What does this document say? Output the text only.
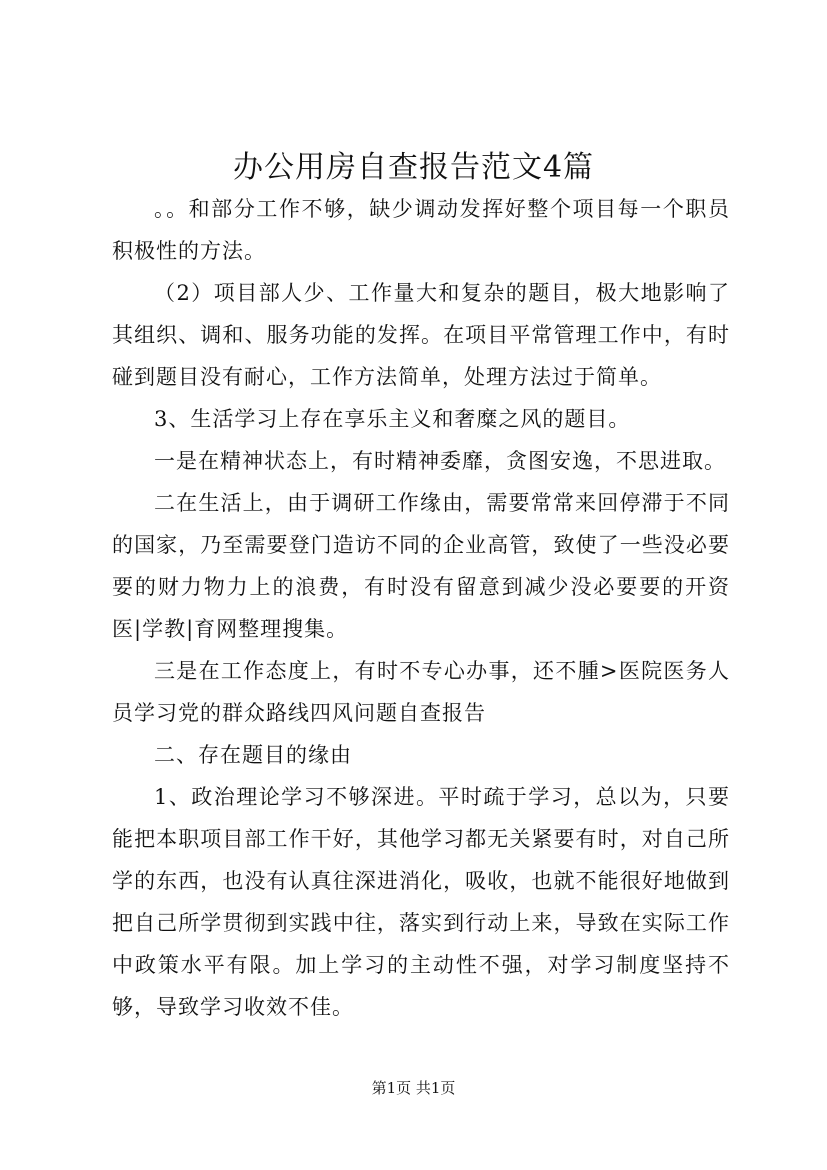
办公用房自查报告范文4篇

。。和部分工作不够，缺少调动发挥好整个项目每一个职员积极性的方法。

（2）项目部人少、工作量大和复杂的题目，极大地影响了其组织、调和、服务功能的发挥。在项目平常管理工作中，有时碰到题目没有耐心，工作方法简单，处理方法过于简单。

3、生活学习上存在享乐主义和奢糜之风的题目。

一是在精神状态上，有时精神委靡，贪图安逸，不思进取。

二在生活上，由于调研工作缘由，需要常常来回停滞于不同的国家，乃至需要登门造访不同的企业高管，致使了一些没必要要的财力物力上的浪费，有时没有留意到减少没必要要的开资医|学教|育网整理搜集。

三是在工作态度上，有时不专心办事，还不腫>医院医务人员学习党的群众路线四风问题自查报告

二、存在题目的缘由

1、政治理论学习不够深进。平时疏于学习，总以为，只要能把本职项目部工作干好，其他学习都无关紧要有时，对自己所学的东西，也没有认真往深进消化，吸收，也就不能很好地做到把自己所学贯彻到实践中往，落实到行动上来，导致在实际工作中政策水平有限。加上学习的主动性不强，对学习制度坚持不够，导致学习收效不佳。

第1页 共1页
